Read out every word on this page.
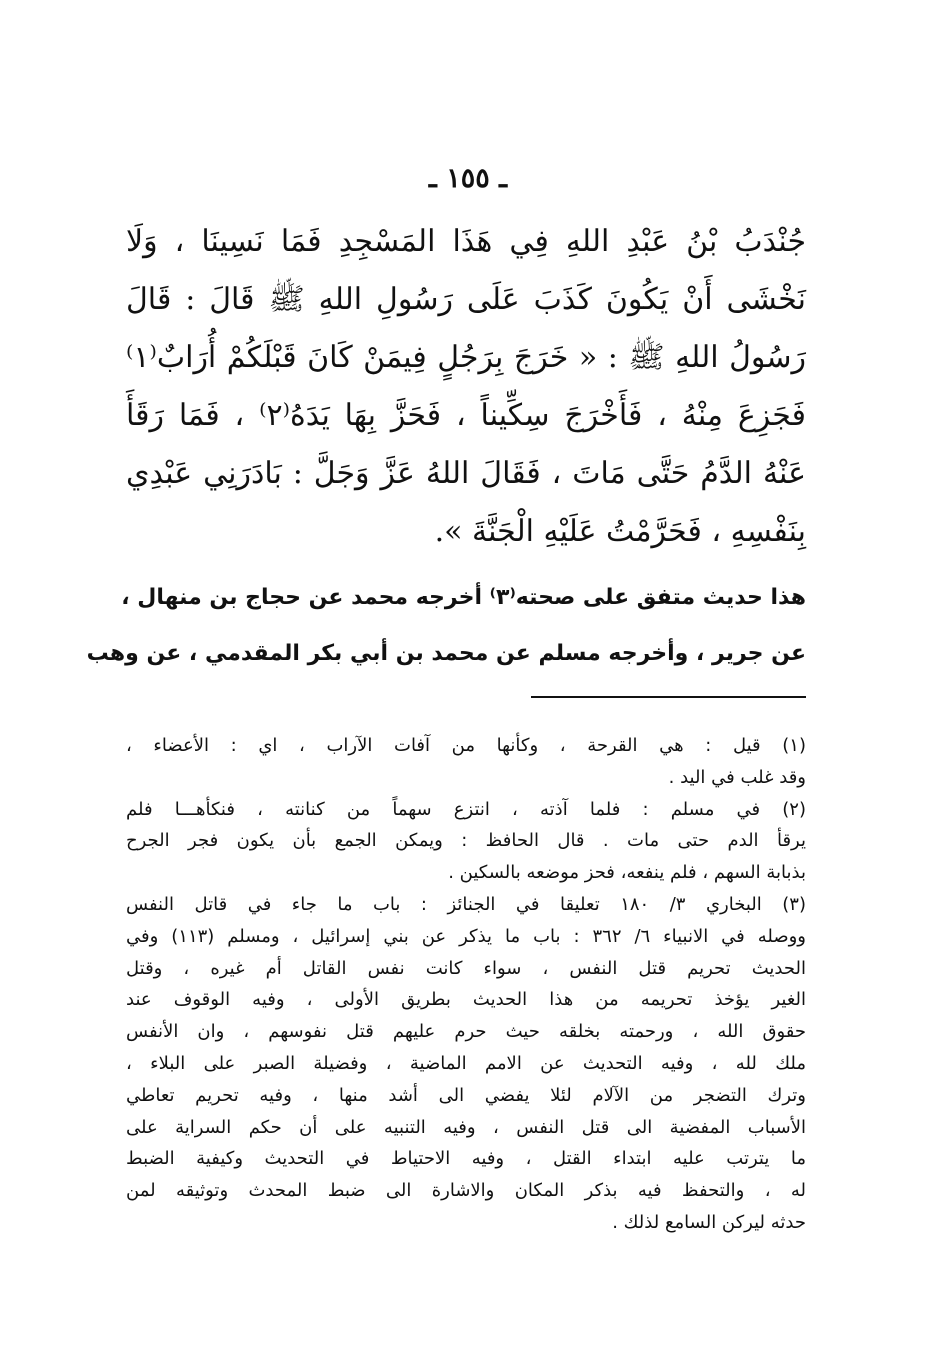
ـ ١٥٥ ـ
جُنْدَبُ بْنُ عَبْدِ اللهِ فِي هَذَا المَسْجِدِ فَمَا نَسِينَا ، وَلَا
نَخْشَى أَنْ يَكُونَ كَذَبَ عَلَى رَسُولِ اللهِ ﷺ قَالَ : قَالَ
رَسُولُ اللهِ ﷺ : « خَرَجَ بِرَجُلٍ فِيمَنْ كَانَ قَبْلَكُمْ أُرَابٌ⁽١⁾
فَجَزِعَ مِنْهُ ، فَأَخْرَجَ سِكِّيناً ، فَحَزَّ بِهَا يَدَهُ⁽٢⁾ ، فَمَا رَقَأَ
عَنْهُ الدَّمُ حَتَّى مَاتَ ، فَقَالَ اللهُ عَزَّ وَجَلَّ : بَادَرَنِي عَبْدِي
بِنَفْسِهِ ، فَحَرَّمْتُ عَلَيْهِ الْجَنَّةَ ».
هذا حديث متفق على صحته⁽٣⁾ أخرجه محمد عن حجاج بن منهال ،
عن جرير ، وأخرجه مسلم عن محمد بن أبي بكر المقدمي ، عن وهب
(١) قيل : هي القرحة ، وكأنها من آفات الآراب ، اي : الأعضاء ،
وقد غلب في اليد .
(٢) في مسلم : فلما آذته ، انتزع سهماً من كنانته ، فنكأهـــا فلم
يرقأ الدم حتى مات . قال الحافظ : ويمكن الجمع بأن يكون فجر الجرح
بذبابة السهم ، فلم ينفعه، فحز موضعه بالسكين .
(٣) البخاري ٣/ ١٨٠ تعليقا في الجنائز : باب ما جاء في قاتل النفس
ووصله في الانبياء ٦/ ٣٦٢ : باب ما يذكر عن بني إسرائيل ، ومسلم (١١٣) وفي
الحديث تحريم قتل النفس ، سواء كانت نفس القاتل أم غيره ، وقتل
الغير يؤخذ تحريمه من هذا الحديث بطريق الأولى ، وفيه الوقوف عند
حقوق الله ، ورحمته بخلقه حيث حرم عليهم قتل نفوسهم ، وان الأنفس
ملك لله ، وفيه التحديث عن الامم الماضية ، وفضيلة الصبر على البلاء ،
وترك التضجر من الآلام لئلا يفضي الى أشد منها ، وفيه تحريم تعاطي
الأسباب المفضية الى قتل النفس ، وفيه التنبيه على أن حكم السراية على
ما يترتب عليه ابتداء القتل ، وفيه الاحتياط في التحديث وكيفية الضبط
له ، والتحفظ فيه بذكر المكان والاشارة الى ضبط المحدث وتوثيقه لمن
حدثه ليركن السامع لذلك .
